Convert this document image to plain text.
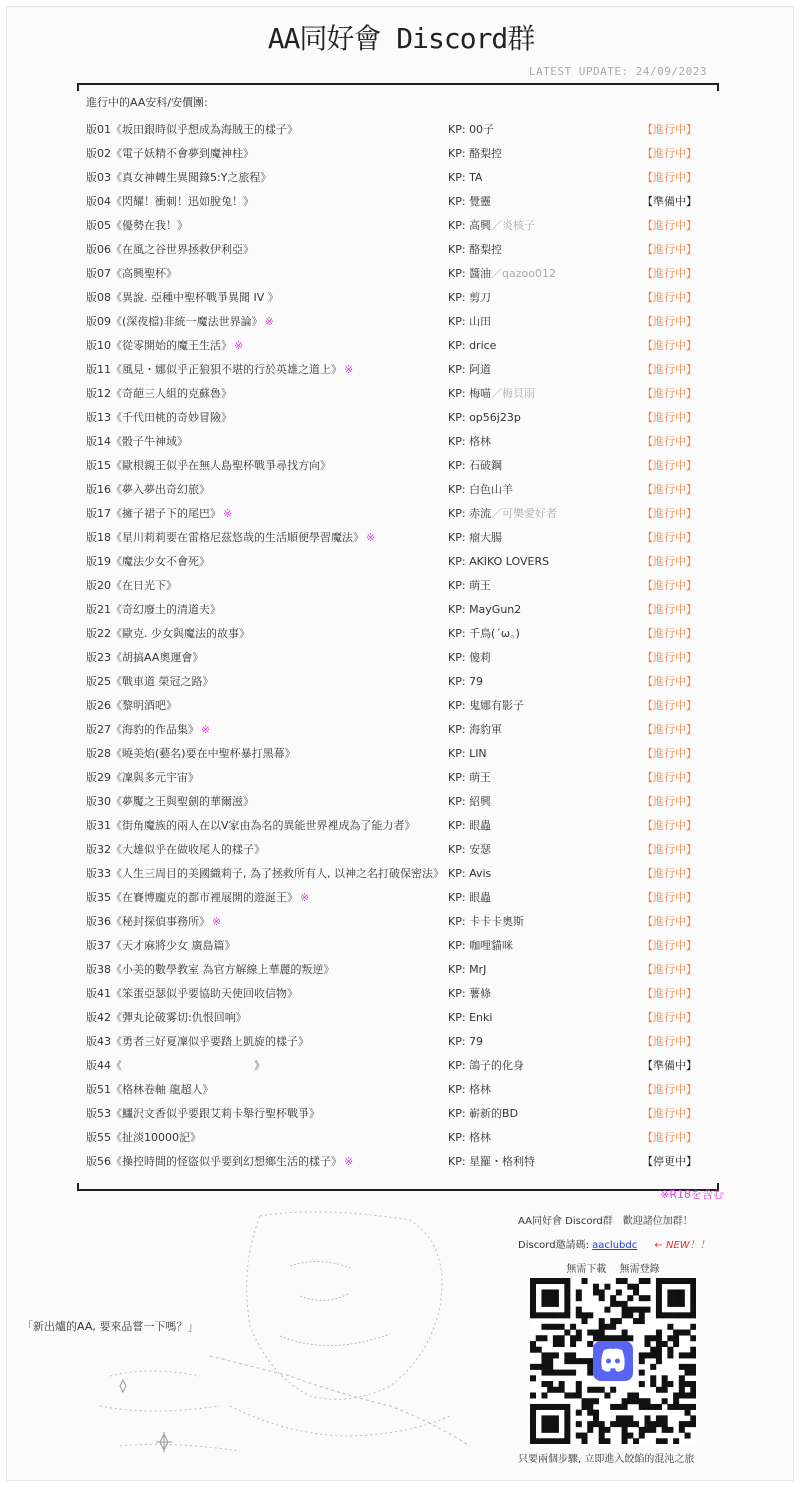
AA同好會 Discord群
LATEST UPDATE: 24/09/2023
進行中的AA安科/安價團:
版01《坂田銀時似乎想成為海賊王的樣子》	KP: 00子	【進行中】
版02《電子妖精不會夢到魔神柱》	KP: 酪梨控	【進行中】
版03《真女神轉生異聞錄5:Y之旅程》	KP: TA	【進行中】
版04《閃耀！衝刺！迅如脫兔！》	KP: 覺靈	【準備中】
版05《優勢在我！》	KP: 高興／炎核子	【進行中】
版06《在風之谷世界拯救伊利亞》	KP: 酪梨控	【進行中】
版07《高興聖杯》	KP: 醬油／qazoo012	【進行中】
版08《異說. 亞種中聖杯戰爭異聞 IV 》	KP: 剪刀	【進行中】
版09《(深夜檔)非統一魔法世界論》 ※	KP: 山田	【進行中】
版10《從零開始的魔王生活》 ※	KP: drice	【進行中】
版11《風見・娜似乎正狼狽不堪的行於英雄之道上》 ※	KP: 阿道	【進行中】
版12《奇葩三人組的克蘇魯》	KP: 梅喵／梅貝雨	【進行中】
版13《千代田桃的奇妙冒險》	KP: op56j23p	【進行中】
版14《骰子牛神域》	KP: 格林	【進行中】
版15《歐根親王似乎在無人島聖杯戰爭尋找方向》	KP: 石破鋼	【進行中】
版16《夢入夢出奇幻旅》	KP: 白色山羊	【進行中】
版17《擁子裙子下的尾巴》 ※	KP: 赤流／可樂愛好者	【進行中】
版18《星川莉莉要在雷格尼茲悠哉的生活順便學習魔法》 ※	KP: 瘤大腸	【進行中】
版19《魔法少女不會死》	KP: AKIKO LOVERS	【進行中】
版20《在日光下》	KP: 萌王	【進行中】
版21《奇幻廢土的清道夫》	KP: MayGun2	【進行中】
版22《歐克. 少女與魔法的故事》	KP: 千鳥(´ω。)	【進行中】
版23《胡搞AA奧運會》	KP: 傻莉	【進行中】
版25《戰車道 榮冠之路》	KP: 79	【進行中】
版26《黎明酒吧》	KP: 鬼娜有影子	【進行中】
版27《海豹的作品集》 ※	KP: 海豹軍	【進行中】
版28《曉美焰(藝名)要在中聖杯暴打黑幕》	KP: LIN	【進行中】
版29《凜與多元宇宙》	KP: 萌王	【進行中】
版30《夢魘之王與聖劍的華爾滋》	KP: 紹興	【進行中】
版31《街角魔族的兩人在以V家由為名的異能世界裡成為了能力者》	KP: 眼蟲	【進行中】
版32《大雄似乎在做收尾人的樣子》	KP: 安瑟	【進行中】
版33《人生三周目的美國織莉子, 為了拯救所有人, 以神之名打破保密法》 KP: Avis	【進行中】
版35《在賽博龐克的都市裡展開的遊涎王》 ※	KP: 眼蟲	【進行中】
版36《秘封探偵事務所》 ※	KP: 卡卡卡奧斯	【進行中】
版37《天才麻將少女 廣島篇》	KP: 咖哩貓咪	【進行中】
版38《小美的數學教室 為官方解線上華麗的叛逆》	KP: MrJ	【進行中】
版41《笨蛋亞瑟似乎要協助天使回收信物》	KP: 薯條	【進行中】
版42《彈丸论破雾切:仇恨回响》	KP: Enki	【進行中】
版43《勇者三好夏凜似乎要踏上凱旋的樣子》	KP: 79	【進行中】
版44《　　　　　　　　　　　　》	KP: 鴿子的化身	【準備中】
版51《格林卷軸 龍超人》	KP: 格林	【進行中】
版53《鱷沢文香似乎要跟艾莉卡舉行聖杯戰爭》	KP: 嶄新的BD	【進行中】
版55《扯淡10000記》	KP: 格林	【進行中】
版56《操控時間的怪盜似乎要到幻想鄉生活的樣子》 ※	KP: 星羅・格利特	【停更中】
※R18を含む
「新出爐的AA, 要來品嘗一下嗎？」
AA同好會 Discord群　歡迎諸位加群！
Discord邀請碼: aaclubdc ← NEW！！
無需下載　 無需登錄
只要兩個步驟, 立即進入餃餡的混沌之旅
